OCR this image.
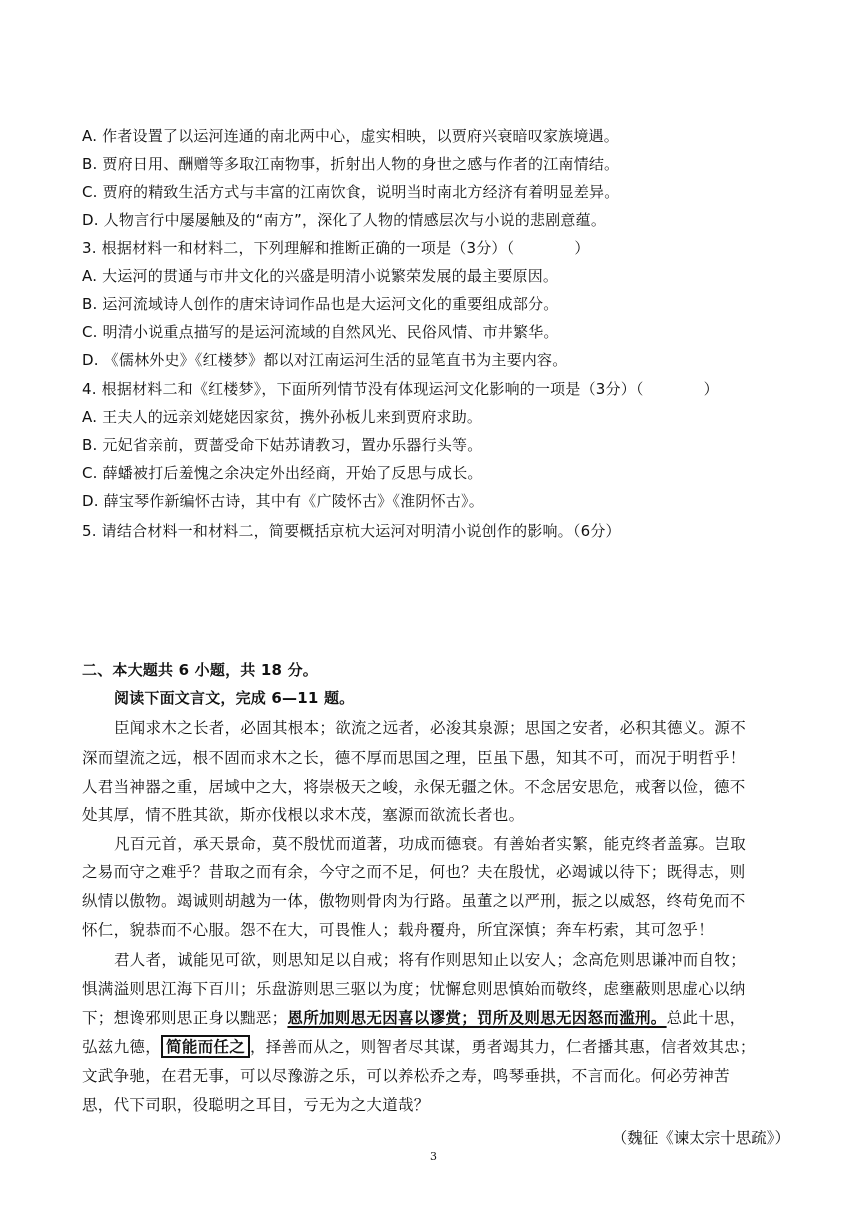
A. 作者设置了以运河连通的南北两中心，虚实相映，以贾府兴衰暗叹家族境遇。
B. 贾府日用、酬赠等多取江南物事，折射出人物的身世之感与作者的江南情结。
C. 贾府的精致生活方式与丰富的江南饮食，说明当时南北方经济有着明显差异。
D. 人物言行中屡屡触及的“南方”，深化了人物的情感层次与小说的悲剧意蕴。
3. 根据材料一和材料二，下列理解和推断正确的一项是（3分）（	）
A. 大运河的贯通与市井文化的兴盛是明清小说繁荣发展的最主要原因。
B. 运河流域诗人创作的唐宋诗词作品也是大运河文化的重要组成部分。
C. 明清小说重点描写的是运河流域的自然风光、民俗风情、市井繁华。
D. 《儒林外史》《红楼梦》都以对江南运河生活的显笔直书为主要内容。
4. 根据材料二和《红楼梦》，下面所列情节没有体现运河文化影响的一项是（3分）（	）
A. 王夫人的远亲刘姥姥因家贫，携外孙板儿来到贾府求助。
B. 元妃省亲前，贾蔷受命下姑苏请教习，置办乐器行头等。
C. 薛蟠被打后羞愧之余决定外出经商，开始了反思与成长。
D. 薛宝琴作新编怀古诗，其中有《广陵怀古》《淮阴怀古》。
5. 请结合材料一和材料二，简要概括京杭大运河对明清小说创作的影响。（6分）
二、本大题共 6 小题，共 18 分。
阅读下面文言文，完成 6—11 题。
臣闻求木之长者，必固其根本；欲流之远者，必浚其泉源；思国之安者，必积其德义。源不
深而望流之远，根不固而求木之长，德不厚而思国之理，臣虽下愚，知其不可，而况于明哲乎！
人君当神器之重，居域中之大，将崇极天之峻，永保无疆之休。不念居安思危，戒奢以俭，德不
处其厚，情不胜其欲，斯亦伐根以求木茂，塞源而欲流长者也。
凡百元首，承天景命，莫不殷忧而道著，功成而德衰。有善始者实繁，能克终者盖寡。岂取
之易而守之难乎？昔取之而有余，今守之而不足，何也？夫在殷忧，必竭诚以待下；既得志，则
纵情以傲物。竭诚则胡越为一体，傲物则骨肉为行路。虽董之以严刑，振之以威怒，终苟免而不
怀仁，貌恭而不心服。怨不在大，可畏惟人；载舟覆舟，所宜深慎；奔车朽索，其可忽乎！
君人者，诚能见可欲，则思知足以自戒；将有作则思知止以安人；念高危则思谦冲而自牧；
惧满溢则思江海下百川；乐盘游则思三驱以为度；忧懈怠则思慎始而敬终，虑壅蔽则思虚心以纳
下；想谗邪则思正身以黜恶；恩所加则思无因喜以谬赏；罚所及则思无因怒而滥刑。总此十思，
弘兹九德， 简能而任之 ，择善而从之，则智者尽其谋，勇者竭其力，仁者播其惠，信者效其忠；
文武争驰，在君无事，可以尽豫游之乐，可以养松乔之寿，鸣琴垂拱，不言而化。何必劳神苦
思，代下司职，役聪明之耳目，亏无为之大道哉？
（魏征《谏太宗十思疏》）
3
